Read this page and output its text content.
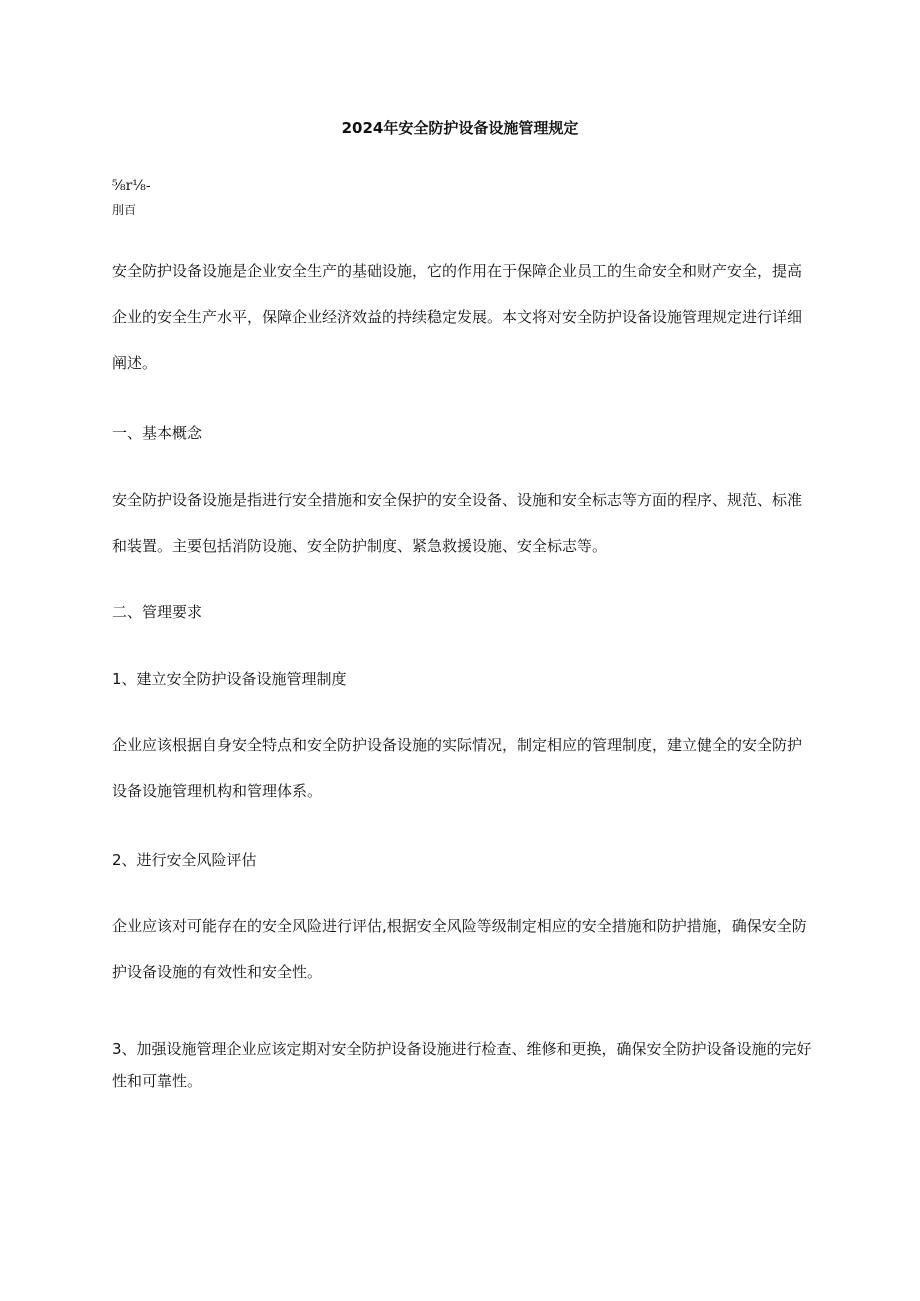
2024年安全防护设备设施管理规定
⅝r⅛-
刖百

安全防护设备设施是企业安全生产的基础设施，它的作用在于保障企业员工的生命安全和财产安全，提高企业的安全生产水平，保障企业经济效益的持续稳定发展。本文将对安全防护设备设施管理规定进行详细阐述。

一、基本概念

安全防护设备设施是指进行安全措施和安全保护的安全设备、设施和安全标志等方面的程序、规范、标准和装置。主要包括消防设施、安全防护制度、紧急救援设施、安全标志等。

二、管理要求

1、建立安全防护设备设施管理制度

企业应该根据自身安全特点和安全防护设备设施的实际情况，制定相应的管理制度，建立健全的安全防护设备设施管理机构和管理体系。

2、进行安全风险评估

企业应该对可能存在的安全风险进行评估,根据安全风险等级制定相应的安全措施和防护措施，确保安全防护设备设施的有效性和安全性。

3、加强设施管理企业应该定期对安全防护设备设施进行检查、维修和更换，确保安全防护设备设施的完好性和可靠性。
